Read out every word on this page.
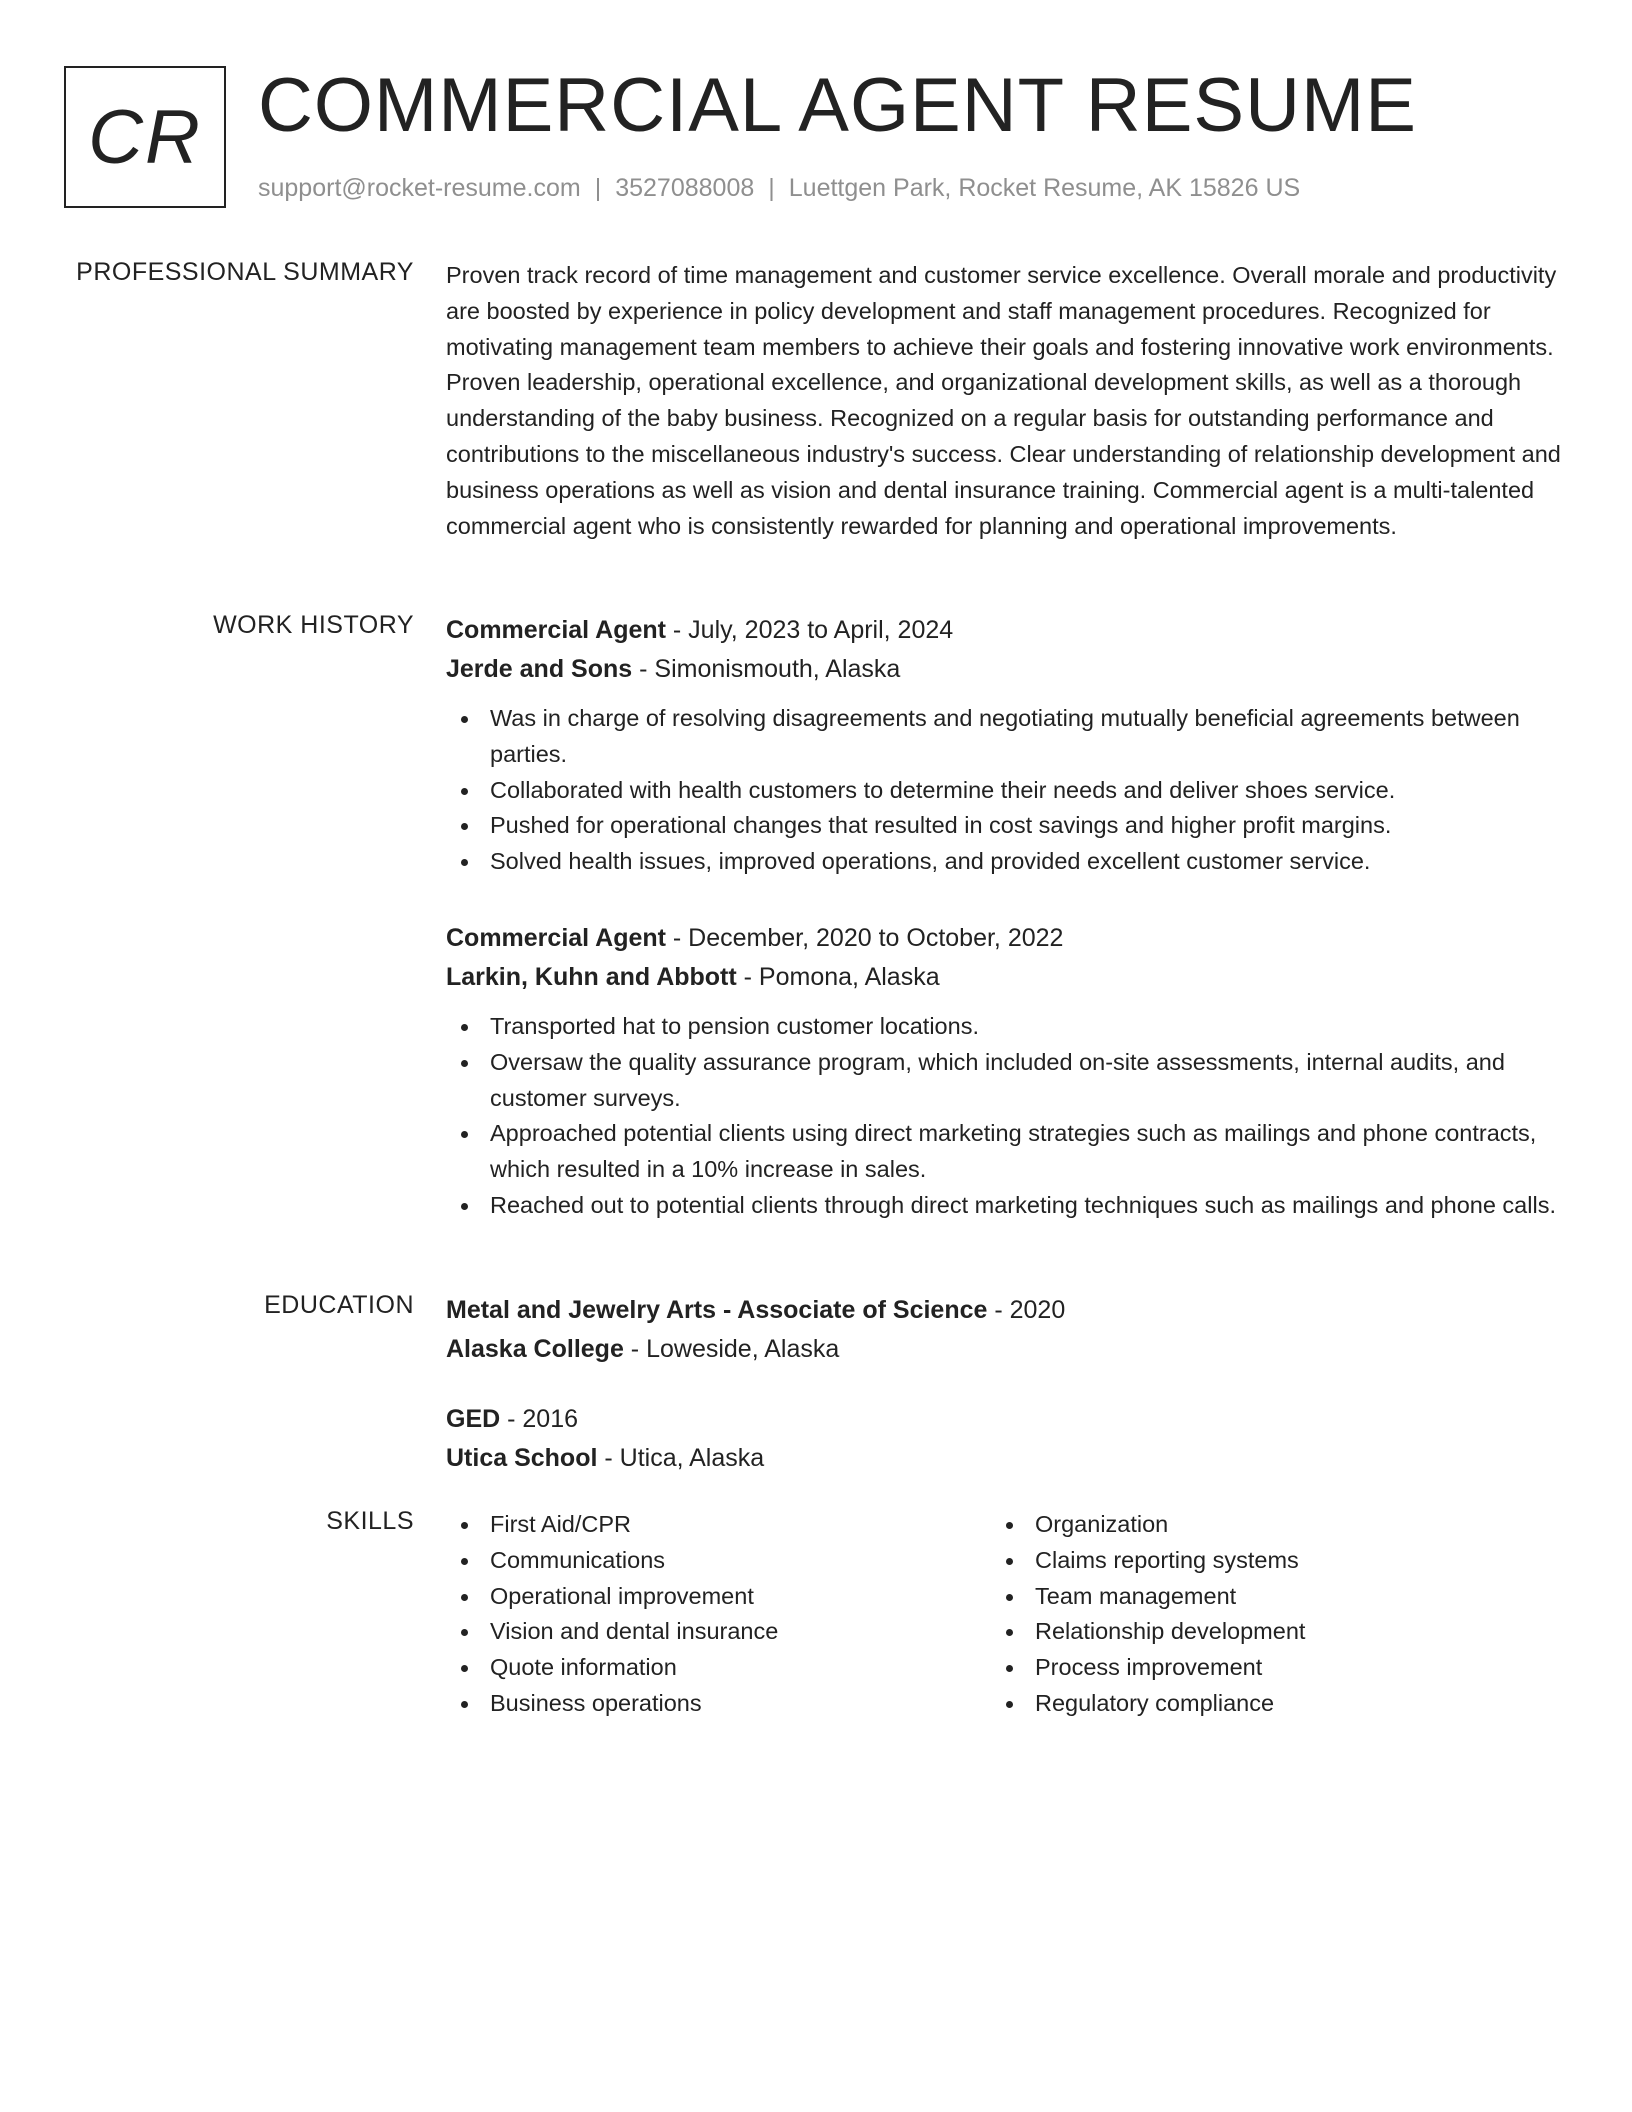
CR COMMERCIAL AGENT RESUME
support@rocket-resume.com | 3527088008 | Luettgen Park, Rocket Resume, AK 15826 US
PROFESSIONAL SUMMARY Proven track record of time management and customer service excellence. Overall morale and productivity are boosted by experience in policy development and staff management procedures. Recognized for motivating management team members to achieve their goals and fostering innovative work environments. Proven leadership, operational excellence, and organizational development skills, as well as a thorough understanding of the baby business. Recognized on a regular basis for outstanding performance and contributions to the miscellaneous industry's success. Clear understanding of relationship development and business operations as well as vision and dental insurance training. Commercial agent is a multi-talented commercial agent who is consistently rewarded for planning and operational improvements.
WORK HISTORY Commercial Agent - July, 2023 to April, 2024
Jerde and Sons - Simonismouth, Alaska
Was in charge of resolving disagreements and negotiating mutually beneficial agreements between parties.
Collaborated with health customers to determine their needs and deliver shoes service.
Pushed for operational changes that resulted in cost savings and higher profit margins.
Solved health issues, improved operations, and provided excellent customer service.
Commercial Agent - December, 2020 to October, 2022
Larkin, Kuhn and Abbott - Pomona, Alaska
Transported hat to pension customer locations.
Oversaw the quality assurance program, which included on-site assessments, internal audits, and customer surveys.
Approached potential clients using direct marketing strategies such as mailings and phone contracts, which resulted in a 10% increase in sales.
Reached out to potential clients through direct marketing techniques such as mailings and phone calls.
EDUCATION Metal and Jewelry Arts - Associate of Science - 2020
Alaska College - Loweside, Alaska
GED - 2016
Utica School - Utica, Alaska
SKILLS	First Aid/CPR
Communications
Operational improvement
Vision and dental insurance
Quote information
Business operations
Organization
Claims reporting systems
Team management
Relationship development
Process improvement
Regulatory compliance
